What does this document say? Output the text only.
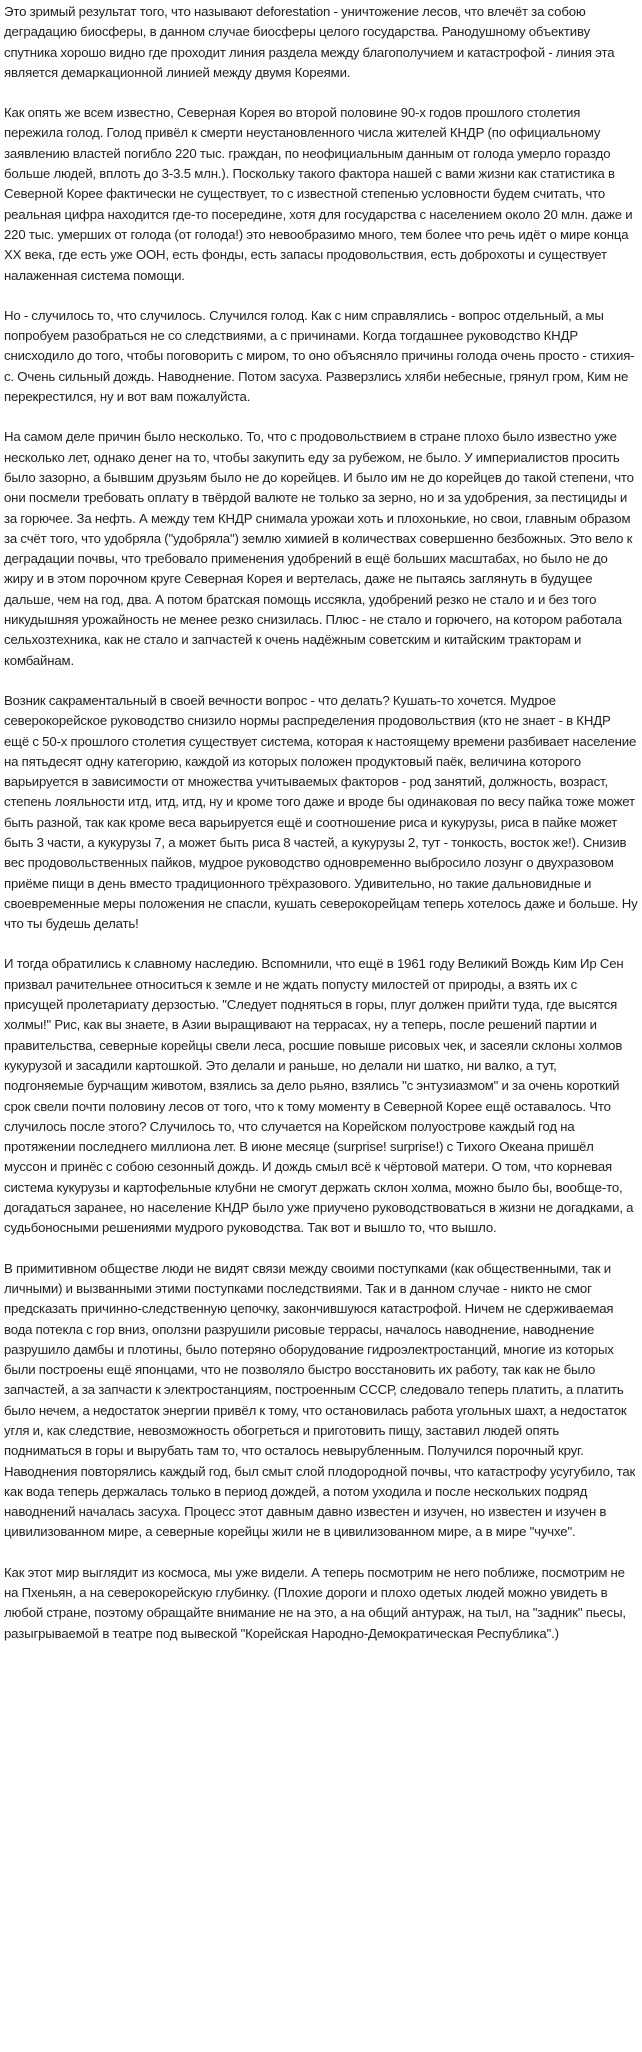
Это зримый результат того, что называют deforestation - уничтожение лесов, что влечёт за собою деградацию биосферы, в данном случае биосферы целого государства. Ранодушному объективу спутника хорошо видно где проходит линия раздела между благополучием и катастрофой - линия эта является демаркационной линией между двумя Кореями.

Как опять же всем известно, Северная Корея во второй половине 90-х годов прошлого столетия пережила голод. Голод привёл к смерти неустановленного числа жителей КНДР (по официальному заявлению властей погибло 220 тыс. граждан, по неофициальным данным от голода умерло гораздо больше людей, вплоть до 3-3.5 млн.). Поскольку такого фактора нашей с вами жизни как статистика в Северной Корее фактически не существует, то с известной степенью условности будем считать, что реальная цифра находится где-то посередине, хотя для государства с населением около 20 млн. даже и 220 тыс. умерших от голода (от голода!) это невообразимо много, тем более что речь идёт о мире конца XX века, где есть уже ООН, есть фонды, есть запасы продовольствия, есть доброхоты и существует налаженная система помощи.

Но - случилось то, что случилось. Случился голод. Как с ним справлялись - вопрос отдельный, а мы попробуем разобраться не со следствиями, а с причинами. Когда тогдашнее руководство КНДР снисходило до того, чтобы поговорить с миром, то оно объясняло причины голода очень просто - стихия-с. Очень сильный дождь. Наводнение. Потом засуха. Разверзлись хляби небесные, грянул гром, Ким не перекрестился, ну и вот вам пожалуйста.

На самом деле причин было несколько. То, что с продовольствием в стране плохо было известно уже несколько лет, однако денег на то, чтобы закупить еду за рубежом, не было. У империалистов просить было зазорно, а бывшим друзьям было не до корейцев. И было им не до корейцев до такой степени, что они посмели требовать оплату в твёрдой валюте не только за зерно, но и за удобрения, за пестициды и за горючее. За нефть. А между тем КНДР снимала урожаи хоть и плохонькие, но свои, главным образом за счёт того, что удобряла ("удобряла") землю химией в количествах совершенно безбожных. Это вело к деградации почвы, что требовало применения удобрений в ещё больших масштабах, но было не до жиру и в этом порочном круге Северная Корея и вертелась, даже не пытаясь заглянуть в будущее дальше, чем на год, два. А потом братская помощь иссякла, удобрений резко не стало и и без того никудышняя урожайность не менее резко снизилась. Плюс - не стало и горючего, на котором работала сельхозтехника, как не стало и запчастей к очень надёжным советским и китайским тракторам и комбайнам.

Возник сакраментальный в своей вечности вопрос - что делать? Кушать-то хочется. Мудрое северокорейское руководство снизило нормы распределения продовольствия (кто не знает - в КНДР ещё с 50-х прошлого столетия существует система, которая к настоящему времени разбивает население на пятьдесят одну категорию, каждой из которых положен продуктовый паёк, величина которого варьируется в зависимости от множества учитываемых факторов - род занятий, должность, возраст, степень лояльности итд, итд, итд, ну и кроме того даже и вроде бы одинаковая по весу пайка тоже может быть разной, так как кроме веса варьируется ещё и соотношение риса и кукурузы, риса в пайке может быть 3 части, а кукурузы 7, а может быть риса 8 частей, а кукурузы 2, тут - тонкость, восток же!). Снизив вес продовольственных пайков, мудрое руководство одновременно выбросило лозунг о двухразовом приёме пищи в день вместо традиционного трёхразового. Удивительно, но такие дальновидные и своевременные меры положения не спасли, кушать северокорейцам теперь хотелось даже и больше. Ну что ты будешь делать!

И тогда обратились к славному наследию. Вспомнили, что ещё в 1961 году Великий Вождь Ким Ир Сен призвал рачительнее относиться к земле и не ждать попусту милостей от природы, а взять их с присущей пролетариату дерзостью. "Следует подняться в горы, плуг должен прийти туда, где высятся холмы!" Рис, как вы знаете, в Азии выращивают на террасах, ну а теперь, после решений партии и правительства, северные корейцы свели леса, росшие повыше рисовых чек, и засеяли склоны холмов кукурузой и засадили картошкой. Это делали и раньше, но делали ни шатко, ни валко, а тут, подгоняемые бурчащим животом, взялись за дело рьяно, взялись "с энтузиазмом" и за очень короткий срок свели почти половину лесов от того, что к тому моменту в Северной Корее ещё оставалось. Что случилось после этого? Случилось то, что случается на Корейском полуострове каждый год на протяжении последнего миллиона лет. В июне месяце (surprise! surprise!) с Тихого Океана пришёл муссон и принёс с собою сезонный дождь. И дождь смыл всё к чёртовой матери. О том, что корневая система кукурузы и картофельные клубни не смогут держать склон холма, можно было бы, вообще-то, догадаться заранее, но население КНДР было уже приучено руководствоваться в жизни не догадками, а судьбоносными решениями мудрого руководства. Так вот и вышло то, что вышло.

В примитивном обществе люди не видят связи между своими поступками (как общественными, так и личными) и вызванными этими поступками последствиями. Так и в данном случае - никто не смог предсказать причинно-следственную цепочку, закончившуюся катастрофой. Ничем не сдерживаемая вода потекла с гор вниз, оползни разрушили рисовые террасы, началось наводнение, наводнение разрушило дамбы и плотины, было потеряно оборудование гидроэлектростанций, многие из которых были построены ещё японцами, что не позволяло быстро восстановить их работу, так как не было запчастей, а за запчасти к электростанциям, построенным СССР, следовало теперь платить, а платить было нечем, а недостаток энергии привёл к тому, что остановилась работа угольных шахт, а недостаток угля и, как следствие, невозможность обогреться и приготовить пищу, заставил людей опять подниматься в горы и вырубать там то, что осталось невырубленным. Получился порочный круг. Наводнения повторялись каждый год, был смыт слой плодородной почвы, что катастрофу усугубило, так как вода теперь держалась только в период дождей, а потом уходила и после нескольких подряд наводнений началась засуха. Процесс этот давным давно известен и изучен, но известен и изучен в цивилизованном мире, а северные корейцы жили не в цивилизованном мире, а в мире "чучхе".

Как этот мир выглядит из космоса, мы уже видели. А теперь посмотрим не него поближе, посмотрим не на Пхеньян, а на северокорейскую глубинку. (Плохие дороги и плохо одетых людей можно увидеть в любой стране, поэтому обращайте внимание не на это, а на общий антураж, на тыл, на "задник" пьесы, разыгрываемой в театре под вывеской "Корейская Народно-Демократическая Республика".)
